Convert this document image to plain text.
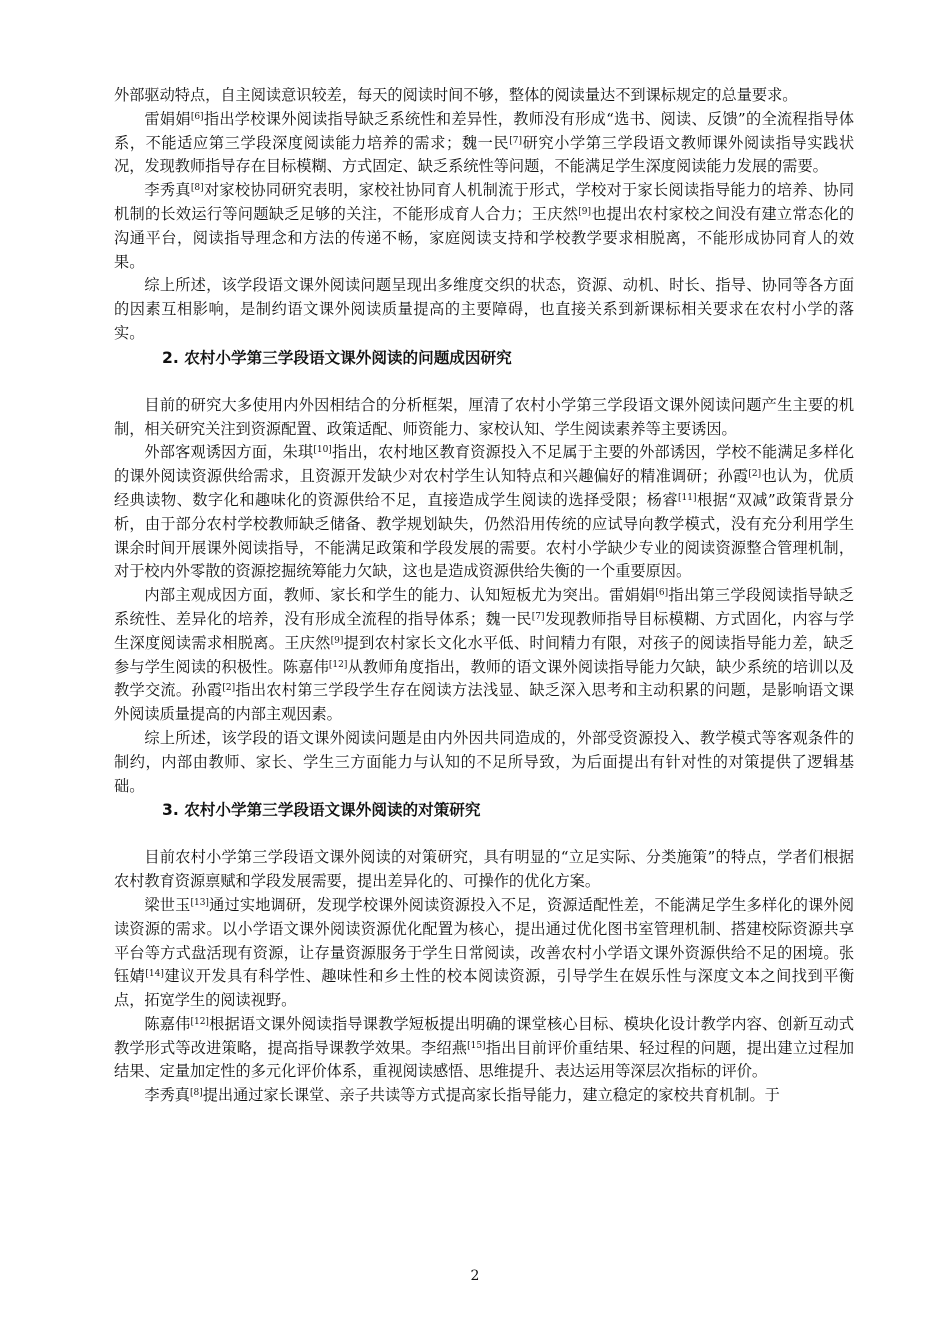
外部驱动特点，自主阅读意识较差，每天的阅读时间不够，整体的阅读量达不到课标规定的总量要求。

雷娟娟[6]指出学校课外阅读指导缺乏系统性和差异性，教师没有形成“选书、阅读、反馈”的全流程指导体系，不能适应第三学段深度阅读能力培养的需求；魏一民[7]研究小学第三学段语文教师课外阅读指导实践状况，发现教师指导存在目标模糊、方式固定、缺乏系统性等问题，不能满足学生深度阅读能力发展的需要。

李秀真[8]对家校协同研究表明，家校社协同育人机制流于形式，学校对于家长阅读指导能力的培养、协同机制的长效运行等问题缺乏足够的关注，不能形成育人合力；王庆然[9]也提出农村家校之间没有建立常态化的沟通平台，阅读指导理念和方法的传递不畅，家庭阅读支持和学校教学要求相脱离，不能形成协同育人的效果。

综上所述，该学段语文课外阅读问题呈现出多维度交织的状态，资源、动机、时长、指导、协同等各方面的因素互相影响，是制约语文课外阅读质量提高的主要障碍，也直接关系到新课标相关要求在农村小学的落实。

2. 农村小学第三学段语文课外阅读的问题成因研究

目前的研究大多使用内外因相结合的分析框架，厘清了农村小学第三学段语文课外阅读问题产生主要的机制，相关研究关注到资源配置、政策适配、师资能力、家校认知、学生阅读素养等主要诱因。

外部客观诱因方面，朱琪[10]指出，农村地区教育资源投入不足属于主要的外部诱因，学校不能满足多样化的课外阅读资源供给需求，且资源开发缺少对农村学生认知特点和兴趣偏好的精准调研；孙霞[2]也认为，优质经典读物、数字化和趣味化的资源供给不足，直接造成学生阅读的选择受限；杨睿[11]根据“双减”政策背景分析，由于部分农村学校教师缺乏储备、教学规划缺失，仍然沿用传统的应试导向教学模式，没有充分利用学生课余时间开展课外阅读指导，不能满足政策和学段发展的需要。农村小学缺少专业的阅读资源整合管理机制，对于校内外零散的资源挖掘统筹能力欠缺，这也是造成资源供给失衡的一个重要原因。

内部主观成因方面，教师、家长和学生的能力、认知短板尤为突出。雷娟娟[6]指出第三学段阅读指导缺乏系统性、差异化的培养，没有形成全流程的指导体系；魏一民[7]发现教师指导目标模糊、方式固化，内容与学生深度阅读需求相脱离。王庆然[9]提到农村家长文化水平低、时间精力有限，对孩子的阅读指导能力差，缺乏参与学生阅读的积极性。陈嘉伟[12]从教师角度指出，教师的语文课外阅读指导能力欠缺，缺少系统的培训以及教学交流。孙霞[2]指出农村第三学段学生存在阅读方法浅显、缺乏深入思考和主动积累的问题，是影响语文课外阅读质量提高的内部主观因素。

综上所述，该学段的语文课外阅读问题是由内外因共同造成的，外部受资源投入、教学模式等客观条件的制约，内部由教师、家长、学生三方面能力与认知的不足所导致，为后面提出有针对性的对策提供了逻辑基础。

3. 农村小学第三学段语文课外阅读的对策研究

目前农村小学第三学段语文课外阅读的对策研究，具有明显的“立足实际、分类施策”的特点，学者们根据农村教育资源禀赋和学段发展需要，提出差异化的、可操作的优化方案。

梁世玉[13]通过实地调研，发现学校课外阅读资源投入不足，资源适配性差，不能满足学生多样化的课外阅读资源的需求。以小学语文课外阅读资源优化配置为核心，提出通过优化图书室管理机制、搭建校际资源共享平台等方式盘活现有资源，让存量资源服务于学生日常阅读，改善农村小学语文课外资源供给不足的困境。张钰婧[14]建议开发具有科学性、趣味性和乡土性的校本阅读资源，引导学生在娱乐性与深度文本之间找到平衡点，拓宽学生的阅读视野。

陈嘉伟[12]根据语文课外阅读指导课教学短板提出明确的课堂核心目标、模块化设计教学内容、创新互动式教学形式等改进策略，提高指导课教学效果。李绍燕[15]指出目前评价重结果、轻过程的问题，提出建立过程加结果、定量加定性的多元化评价体系，重视阅读感悟、思维提升、表达运用等深层次指标的评价。

李秀真[8]提出通过家长课堂、亲子共读等方式提高家长指导能力，建立稳定的家校共育机制。于

2
